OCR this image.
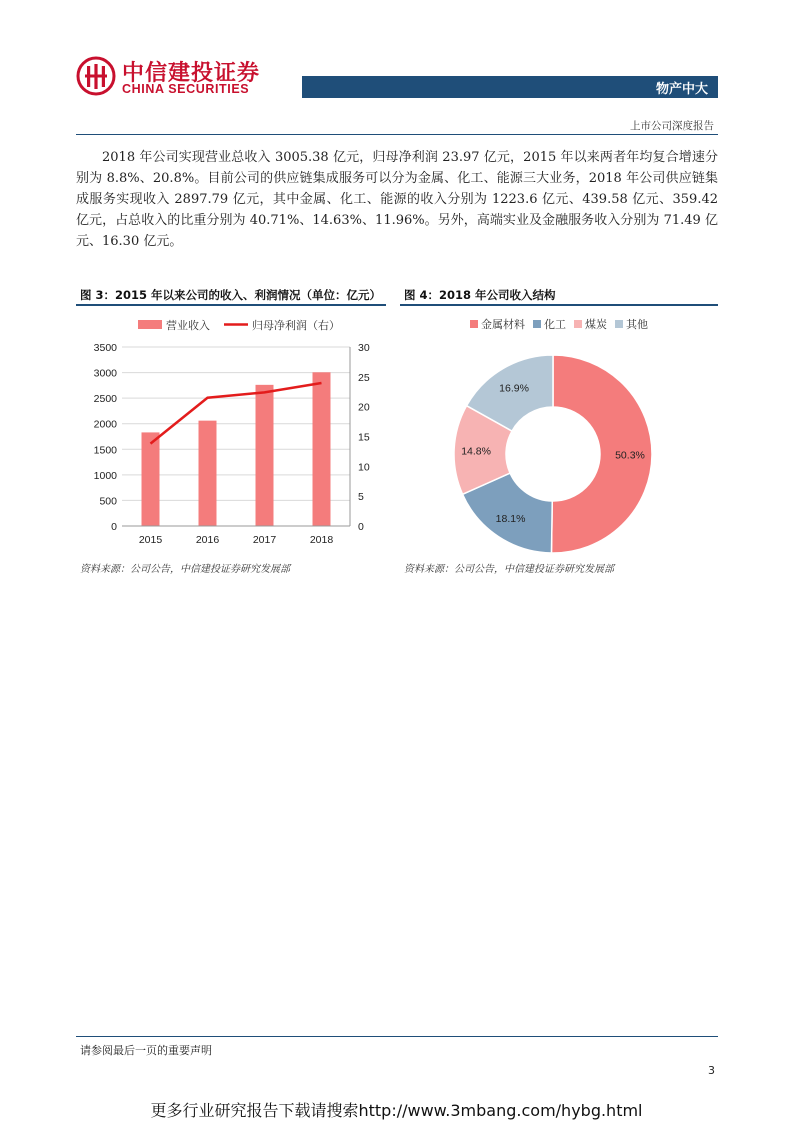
中信建投证券
CHINA SECURITIES	物产中大
上市公司深度报告
2018 年公司实现营业总收入 3005.38 亿元，归母净利润 23.97 亿元，2015 年以来两者年均复合增速分别为 8.8%、20.8%。目前公司的供应链集成服务可以分为金属、化工、能源三大业务，2018 年公司供应链集成服务实现收入 2897.79 亿元，其中金属、化工、能源的收入分别为 1223.6 亿元、439.58 亿元、359.42 亿元，占总收入的比重分别为 40.71%、14.63%、11.96%。另外，高端实业及金融服务收入分别为 71.49 亿元、16.30 亿元。
图 3：2015 年以来公司的收入、利润情况（单位：亿元）
营业收入	归母净利润（右）
0
500
1000
1500
2000
2500
3000
3500
0
5
10
15
20
25
30
2015	2016	2017	2018
资料来源：公司公告，中信建投证券研究发展部
图 4：2018 年公司收入结构
金属材料 化工 煤炭 其他
50.3%
18.1%
14.8%
16.9%
资料来源：公司公告，中信建投证券研究发展部
请参阅最后一页的重要声明
3
更多行业研究报告下载请搜索http://www.3mbang.com/hybg.html
